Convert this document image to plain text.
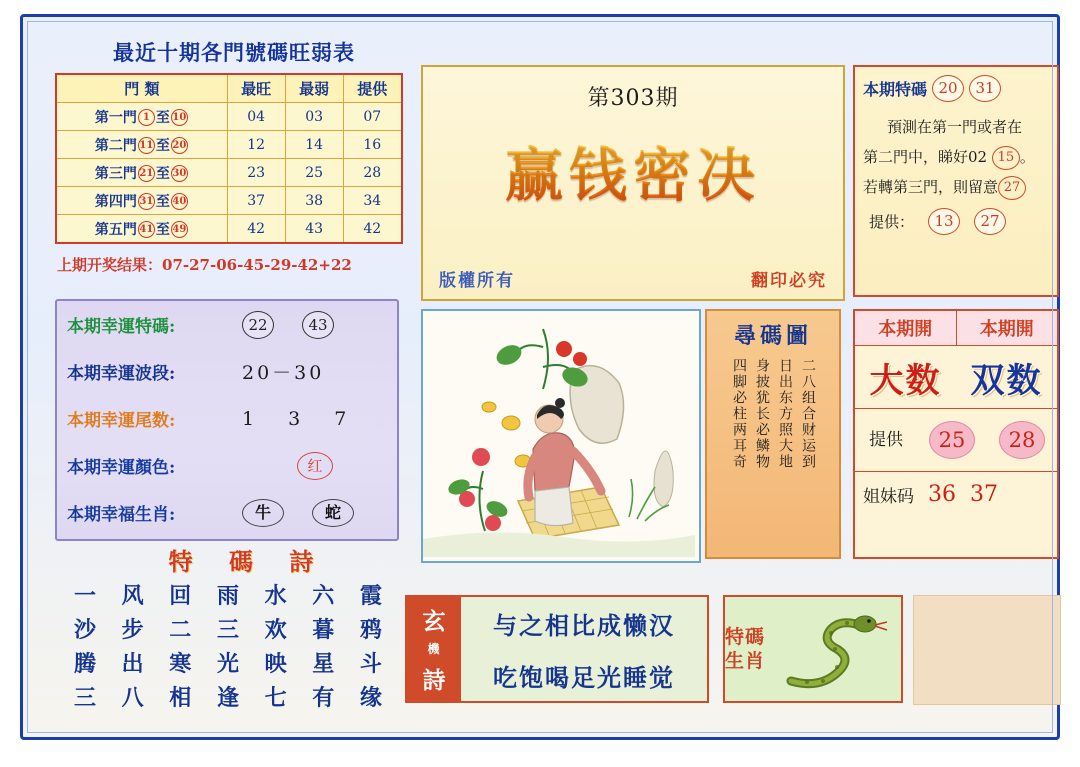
最近十期各門號碼旺弱表
門 類	最旺	最弱	提供
第一門 1 至 10	04	03	07
第二門 11 至 20	12	14	16
第三門 21 至 30	23	25	28
第四門 31 至 40	37	38	34
第五門 41 至 49	42	43	42
上期开奖结果：07-27-06-45-29-42+22
本期幸運特碼:	22	43
本期幸運波段:	20－30
本期幸運尾数:	1 3 7
本期幸運顏色:	红
本期幸福生肖:	牛	蛇
特 碼 詩
一	风	回	雨	水	六	霞
沙	步	二	三	欢	暮	鸦
腾	出	寒	光	映	星	斗
三	八	相	逢	七	有	缘
第303期
赢钱密决
版權所有	翻印必究
本期特碼 20	31
預測在第一門或者在
第二門中，睇好02 15 。
若轉第三門，則留意 27
提供：	13	27
尋碼圖
二八组合财运到
日出东方照大地
身披犹长必鳞物
四脚必柱两耳奇
本期開	本期開
大数 双数
提供	25	28
姐妹码 36 37
玄
機
詩
与之相比成懒汉
吃饱喝足光睡觉
特碼生肖
